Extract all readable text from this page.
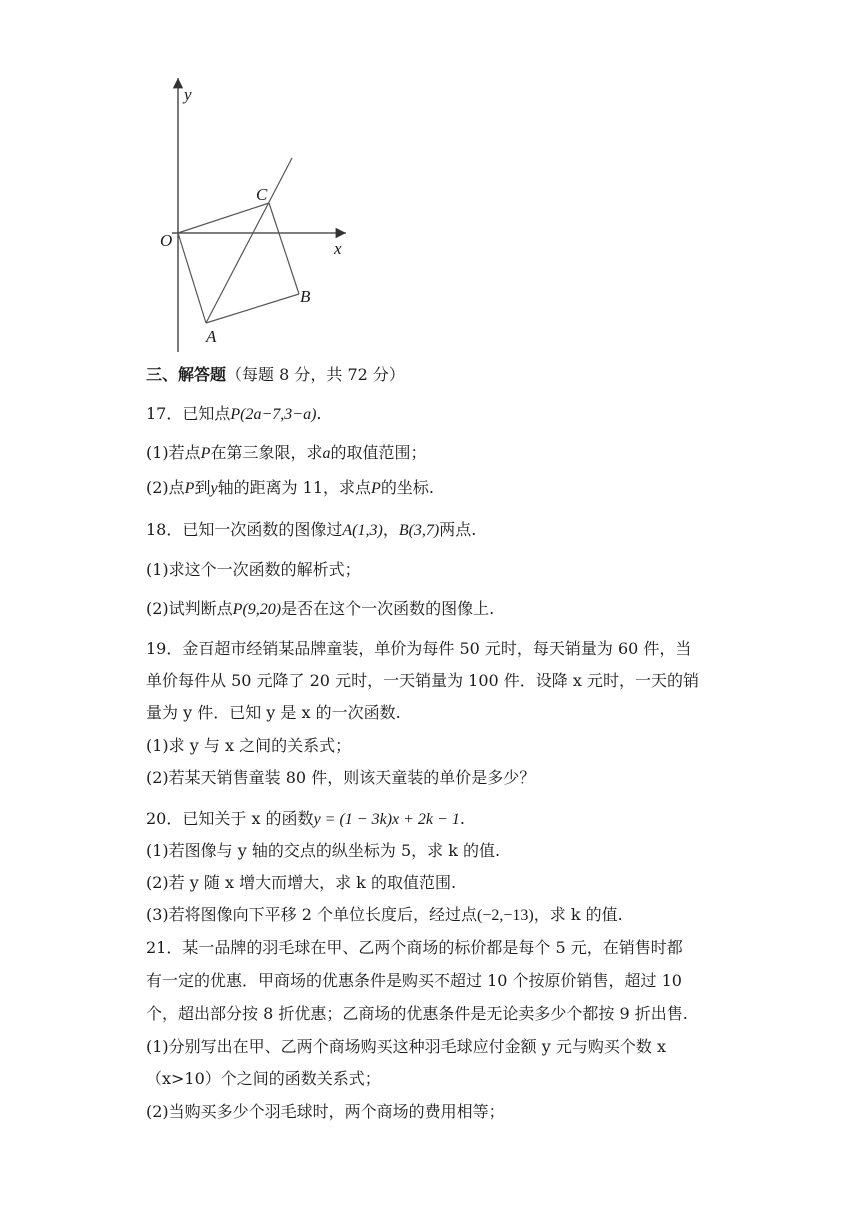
y
x
O
C
B
A
三、解答题（每题 8 分，共 72 分）
17．已知点P(2a−7,3−a).
(1)若点P在第三象限，求a的取值范围；
(2)点P到y轴的距离为 11，求点P的坐标.
18．已知一次函数的图像过A(1,3)，B(3,7)两点.
(1)求这个一次函数的解析式；
(2)试判断点P(9,20)是否在这个一次函数的图像上.
19．金百超市经销某品牌童装，单价为每件 50 元时，每天销量为 60 件，当
单价每件从 50 元降了 20 元时，一天销量为 100 件．设降 x 元时，一天的销
量为 y 件．已知 y 是 x 的一次函数.
(1)求 y 与 x 之间的关系式；
(2)若某天销售童装 80 件，则该天童装的单价是多少？
20．已知关于 x 的函数y = (1 − 3k)x + 2k − 1.
(1)若图像与 y 轴的交点的纵坐标为 5，求 k 的值.
(2)若 y 随 x 增大而增大，求 k 的取值范围.
(3)若将图像向下平移 2 个单位长度后，经过点(−2,−13)，求 k 的值.
21．某一品牌的羽毛球在甲、乙两个商场的标价都是每个 5 元，在销售时都
有一定的优惠．甲商场的优惠条件是购买不超过 10 个按原价销售，超过 10
个，超出部分按 8 折优惠；乙商场的优惠条件是无论卖多少个都按 9 折出售.
(1)分别写出在甲、乙两个商场购买这种羽毛球应付金额 y 元与购买个数 x
（x>10）个之间的函数关系式；
(2)当购买多少个羽毛球时，两个商场的费用相等；
